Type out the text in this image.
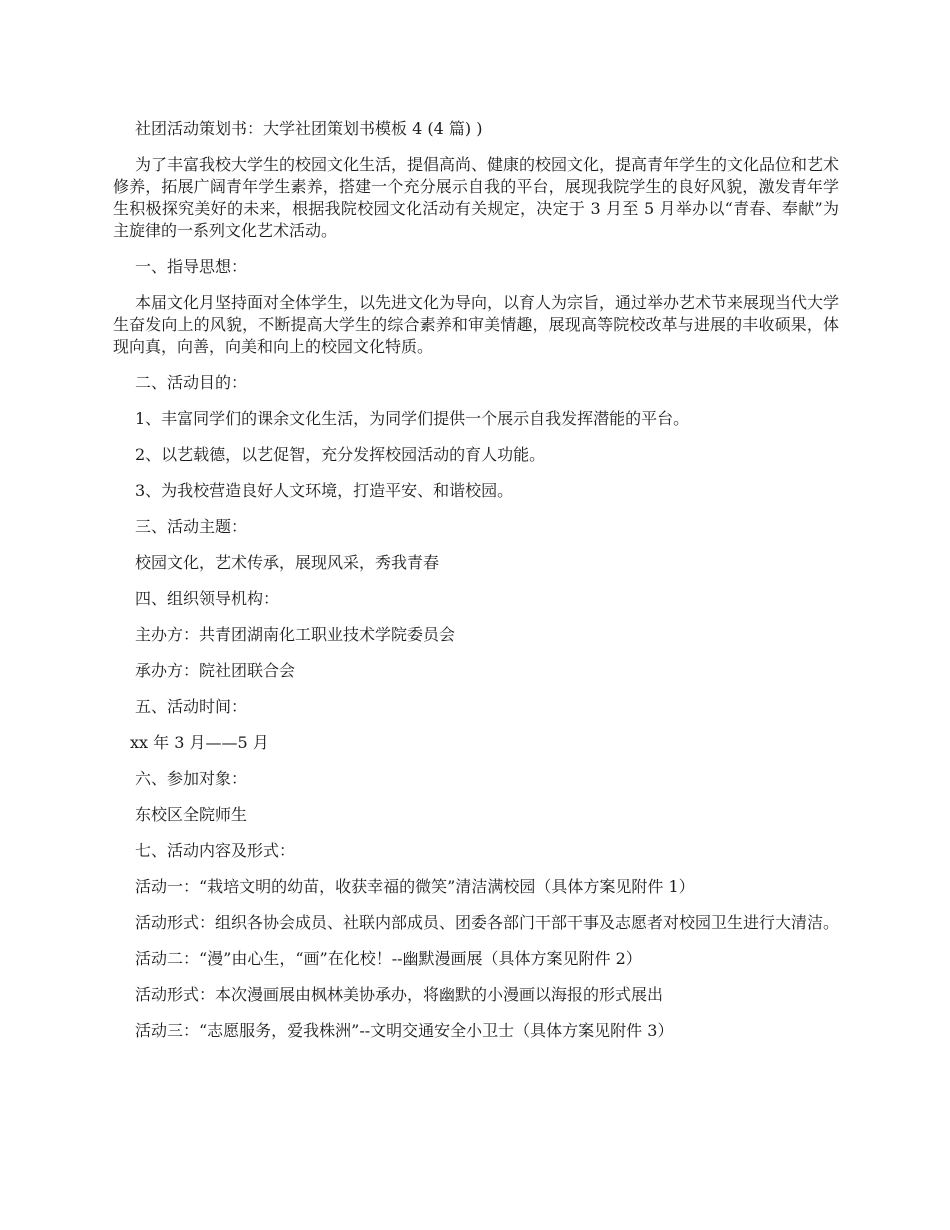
社团活动策划书：大学社团策划书模板 4 (4 篇) )

为了丰富我校大学生的校园文化生活，提倡高尚、健康的校园文化，提高青年学生的文化品位和艺术修养，拓展广阔青年学生素养，搭建一个充分展示自我的平台，展现我院学生的良好风貌，激发青年学生积极探究美好的未来，根据我院校园文化活动有关规定，决定于 3 月至 5 月举办以“青春、奉献”为主旋律的一系列文化艺术活动。

一、指导思想：

本届文化月坚持面对全体学生，以先进文化为导向，以育人为宗旨，通过举办艺术节来展现当代大学生奋发向上的风貌，不断提高大学生的综合素养和审美情趣，展现高等院校改革与进展的丰收硕果，体现向真，向善，向美和向上的校园文化特质。

二、活动目的：

1、丰富同学们的课余文化生活，为同学们提供一个展示自我发挥潜能的平台。

2、以艺载德，以艺促智，充分发挥校园活动的育人功能。

3、为我校营造良好人文环境，打造平安、和谐校园。

三、活动主题：

校园文化，艺术传承，展现风采，秀我青春

四、组织领导机构：

主办方：共青团湖南化工职业技术学院委员会

承办方：院社团联合会

五、活动时间：

xx 年 3 月——5 月

六、参加对象：

东校区全院师生

七、活动内容及形式：

活动一：“栽培文明的幼苗，收获幸福的微笑”清洁满校园（具体方案见附件 1）

活动形式：组织各协会成员、社联内部成员、团委各部门干部干事及志愿者对校园卫生进行大清洁。

活动二：“漫”由心生，“画”在化校！--幽默漫画展（具体方案见附件 2）

活动形式：本次漫画展由枫林美协承办，将幽默的小漫画以海报的形式展出

活动三：“志愿服务，爱我株洲”--文明交通安全小卫士（具体方案见附件 3）
